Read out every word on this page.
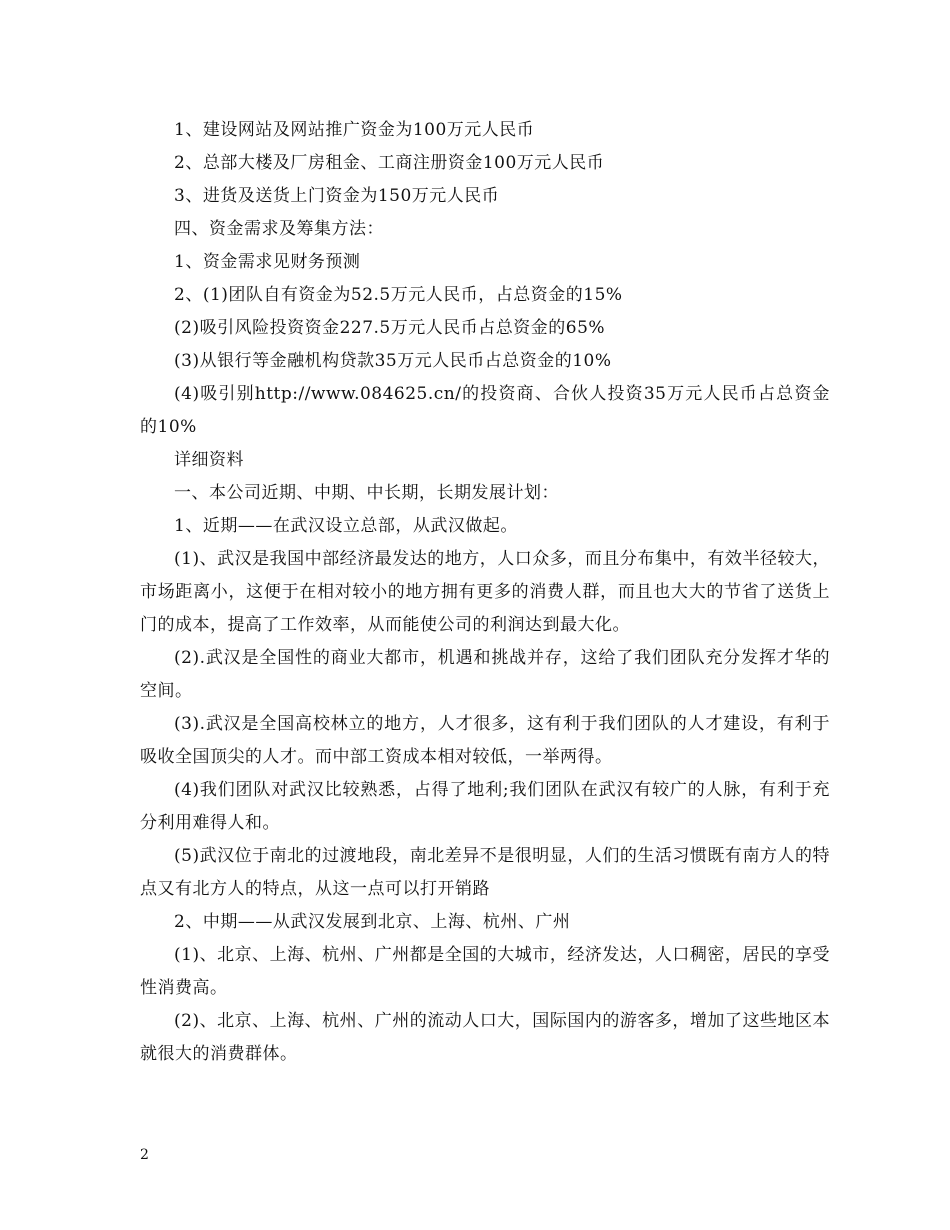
1、建设网站及网站推广资金为100万元人民币

2、总部大楼及厂房租金、工商注册资金100万元人民币

3、进货及送货上门资金为150万元人民币

四、资金需求及筹集方法：

1、资金需求见财务预测

2、(1)团队自有资金为52.5万元人民币，占总资金的15%

(2)吸引风险投资资金227.5万元人民币占总资金的65%

(3)从银行等金融机构贷款35万元人民币占总资金的10%

(4)吸引别http://www.084625.cn/的投资商、合伙人投资35万元人民币占总资金的10%

详细资料

一、本公司近期、中期、中长期，长期发展计划：

1、近期——在武汉设立总部，从武汉做起。

(1)、武汉是我国中部经济最发达的地方，人口众多，而且分布集中，有效半径较大，市场距离小，这便于在相对较小的地方拥有更多的消费人群，而且也大大的节省了送货上门的成本，提高了工作效率，从而能使公司的利润达到最大化。

(2).武汉是全国性的商业大都市，机遇和挑战并存，这给了我们团队充分发挥才华的空间。

(3).武汉是全国高校林立的地方，人才很多，这有利于我们团队的人才建设，有利于吸收全国顶尖的人才。而中部工资成本相对较低，一举两得。

(4)我们团队对武汉比较熟悉，占得了地利;我们团队在武汉有较广的人脉，有利于充分利用难得人和。

(5)武汉位于南北的过渡地段，南北差异不是很明显，人们的生活习惯既有南方人的特点又有北方人的特点，从这一点可以打开销路

2、中期——从武汉发展到北京、上海、杭州、广州

(1)、北京、上海、杭州、广州都是全国的大城市，经济发达，人口稠密，居民的享受性消费高。

(2)、北京、上海、杭州、广州的流动人口大，国际国内的游客多，增加了这些地区本就很大的消费群体。

2
